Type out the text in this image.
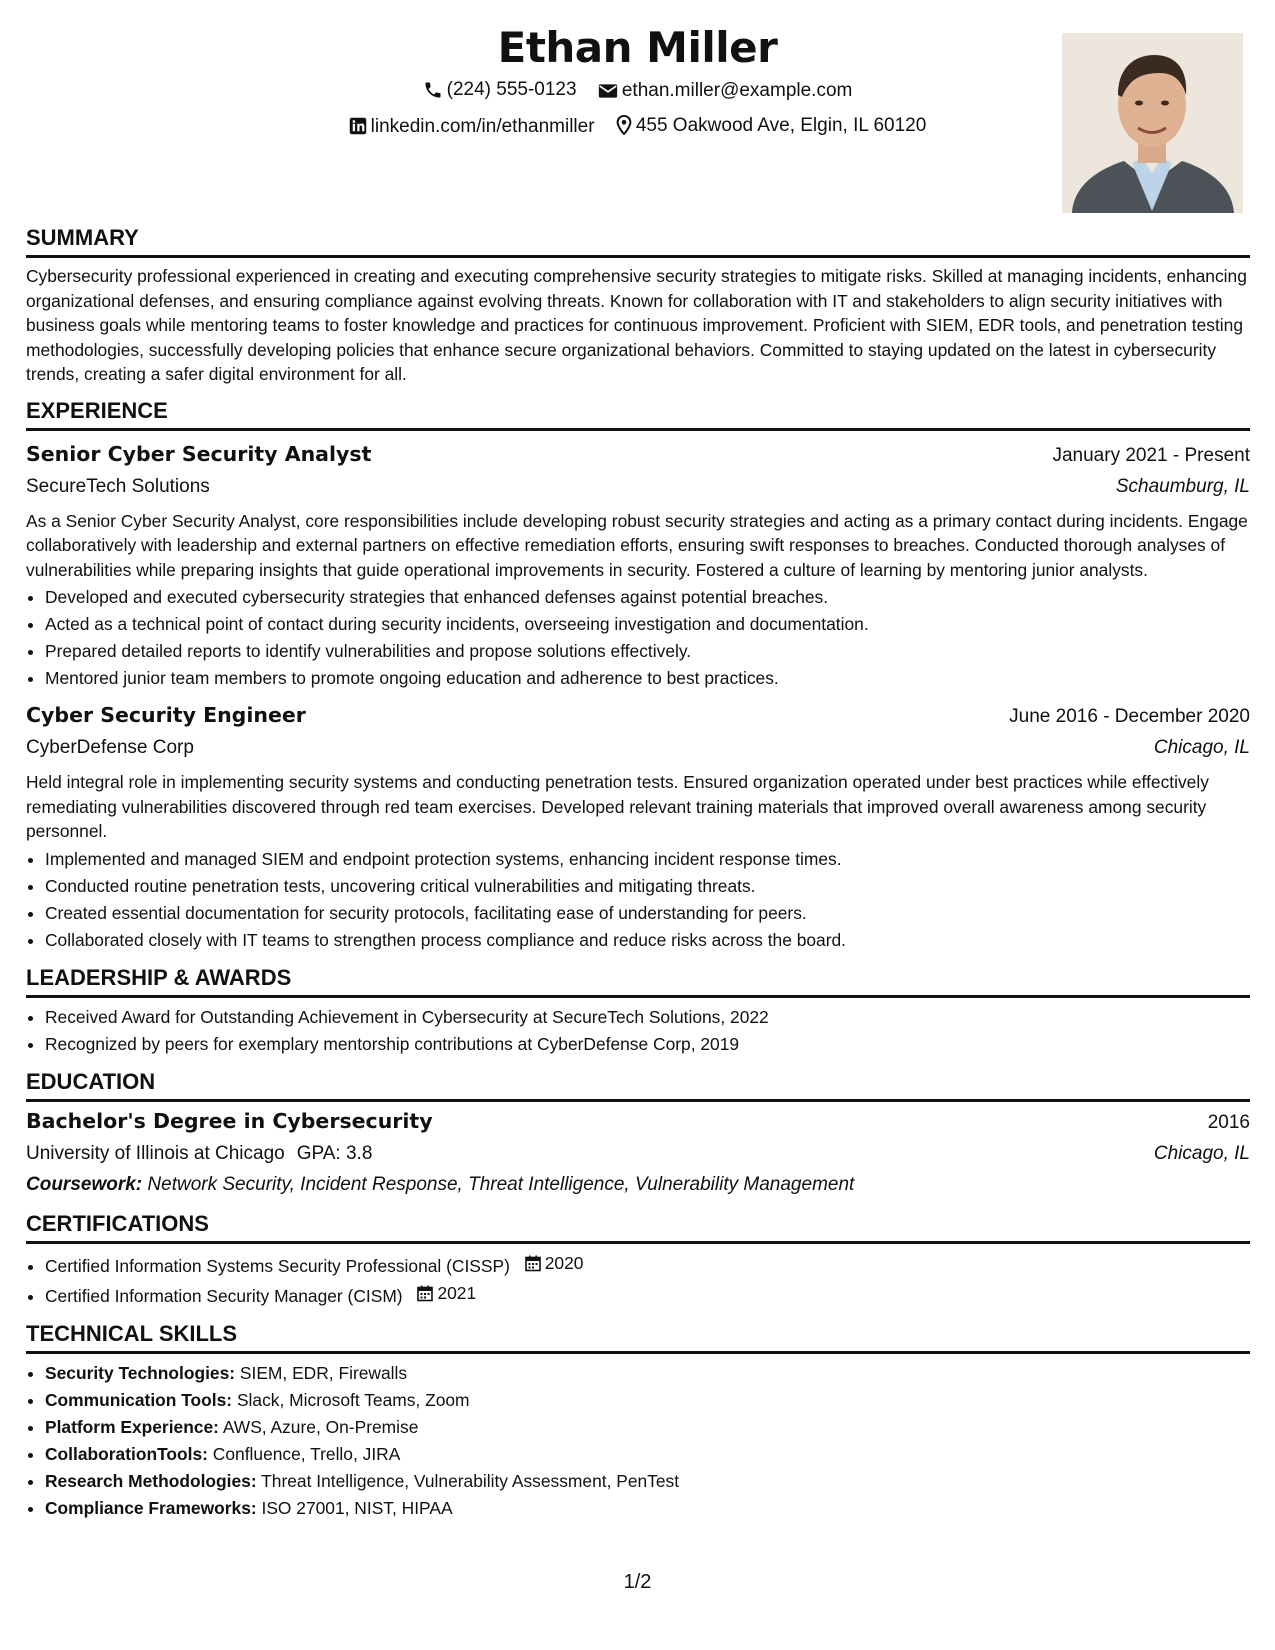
Ethan Miller
(224) 555-0123
ethan.miller@example.com
linkedin.com/in/ethanmiller
455 Oakwood Ave, Elgin, IL 60120
SUMMARY

Cybersecurity professional experienced in creating and executing comprehensive security strategies to mitigate risks. Skilled at managing incidents, enhancing organizational defenses, and ensuring compliance against evolving threats. Known for collaboration with IT and stakeholders to align security initiatives with business goals while mentoring teams to foster knowledge and practices for continuous improvement. Proficient with SIEM, EDR tools, and penetration testing methodologies, successfully developing policies that enhance secure organizational behaviors. Committed to staying updated on the latest in cybersecurity trends, creating a safer digital environment for all.

EXPERIENCE
Senior Cyber Security Analyst	January 2021 - Present
SecureTech Solutions	Schaumburg, IL

As a Senior Cyber Security Analyst, core responsibilities include developing robust security strategies and acting as a primary contact during incidents. Engage collaboratively with leadership and external partners on effective remediation efforts, ensuring swift responses to breaches. Conducted thorough analyses of vulnerabilities while preparing insights that guide operational improvements in security. Fostered a culture of learning by mentoring junior analysts.

• Developed and executed cybersecurity strategies that enhanced defenses against potential breaches.
• Acted as a technical point of contact during security incidents, overseeing investigation and documentation.
• Prepared detailed reports to identify vulnerabilities and propose solutions effectively.
• Mentored junior team members to promote ongoing education and adherence to best practices.
Cyber Security Engineer	June 2016 - December 2020
CyberDefense Corp	Chicago, IL

Held integral role in implementing security systems and conducting penetration tests. Ensured organization operated under best practices while effectively remediating vulnerabilities discovered through red team exercises. Developed relevant training materials that improved overall awareness among security personnel.

• Implemented and managed SIEM and endpoint protection systems, enhancing incident response times.
• Conducted routine penetration tests, uncovering critical vulnerabilities and mitigating threats.
• Created essential documentation for security protocols, facilitating ease of understanding for peers.
• Collaborated closely with IT teams to strengthen process compliance and reduce risks across the board.
LEADERSHIP & AWARDS
• Received Award for Outstanding Achievement in Cybersecurity at SecureTech Solutions, 2022
• Recognized by peers for exemplary mentorship contributions at CyberDefense Corp, 2019
EDUCATION
Bachelor's Degree in Cybersecurity	2016
University of Illinois at Chicago GPA: 3.8	Chicago, IL
Coursework: Network Security, Incident Response, Threat Intelligence, Vulnerability Management
CERTIFICATIONS
• Certified Information Systems Security Professional (CISSP) 2020
• Certified Information Security Manager (CISM) 2021
TECHNICAL SKILLS
• Security Technologies: SIEM, EDR, Firewalls
• Communication Tools: Slack, Microsoft Teams, Zoom
• Platform Experience: AWS, Azure, On-Premise
• CollaborationTools: Confluence, Trello, JIRA
• Research Methodologies: Threat Intelligence, Vulnerability Assessment, PenTest
• Compliance Frameworks: ISO 27001, NIST, HIPAA
1/2
